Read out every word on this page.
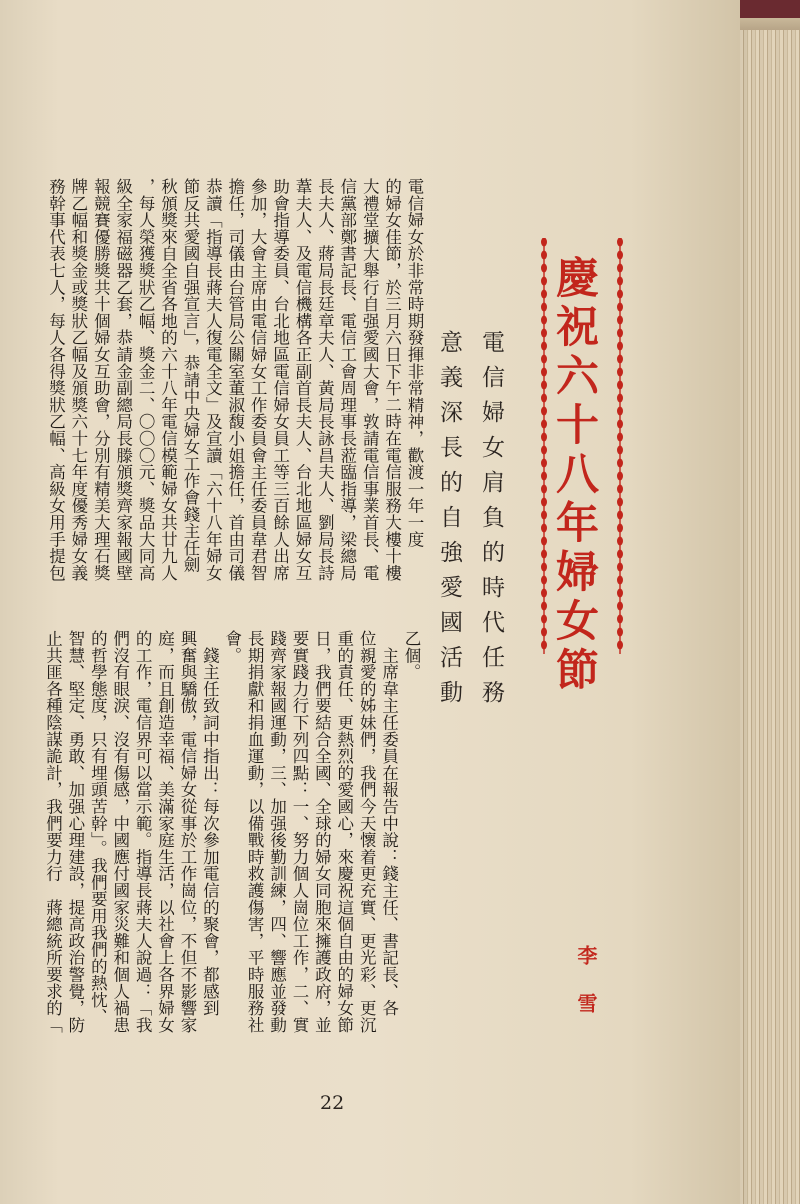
電信婦女於非常時期發揮非常精神，歡渡一年一度
的婦女佳節，於三月六日下午二時在電信服務大樓十樓
大禮堂擴大舉行自强愛國大會，敦請電信事業首長、電
信黨部鄭書記長、電信工會周理事長蒞臨指導，梁總局
長夫人、蔣局長廷章夫人、黃局長詠昌夫人、劉局長詩
葦夫人、及電信機構各正副首長夫人、台北地區婦女互
助會指導委員、台北地區電信婦女員工等三百餘人出席
參加，大會主席由電信婦女工作委員會主任委員韋君智
擔任，司儀由台管局公關室董淑馥小姐擔任，首由司儀
恭讀「指導長蔣夫人復電全文」及宣讀「六十八年婦女
節反共愛國自强宣言」，恭請中央婦女工作會錢主任劍
秋頒獎來自全省各地的六十八年電信模範婦女共廿九人
，每人榮獲獎狀乙幅、獎金二、〇〇〇元、獎品大同高
級全家福磁器乙套，恭請金副總局長滕頒獎齊家報國壁
報競賽優勝獎共十個婦女互助會，分別有精美大理石獎
牌乙幅和獎金或獎狀乙幅及頒獎六十七年度優秀婦女義
務幹事代表七人，每人各得獎狀乙幅、高級女用手提包
乙個。
　主席韋主任委員在報告中說：錢主任、書記長、各
位親愛的姊妹們，我們今天懷着更充實、更光彩、更沉
重的責任、更熱烈的愛國心，來慶祝這個自由的婦女節
日，我們要結合全國、全球的婦女同胞來擁護政府，並
要實踐力行下列四點：一、努力個人崗位工作，二、實
踐齊家報國運動，三、加强後勤訓練，四、響應並發動
長期捐獻和捐血運動，以備戰時救護傷害，平時服務社
會。
　錢主任致詞中指出：每次參加電信的聚會，都感到
興奮與驕傲，電信婦女從事於工作崗位，不但不影響家
庭，而且創造幸福、美滿家庭生活，以社會上各界婦女
的工作，電信界可以當示範。指導長蔣夫人說過：「我
們沒有眼淚、沒有傷感，中國應付國家災難和個人禍患
的哲學態度，只有埋頭苦幹」。我們要用我們的熱忱、
智慧、堅定、勇敢、加强心理建設，提高政治警覺，防
止共匪各種陰謀詭計，我們要力行　蔣總統所要求的「
慶祝六十八年婦女節
電信婦女肩負的時代任務
意義深長的自強愛國活動
李雪
22
